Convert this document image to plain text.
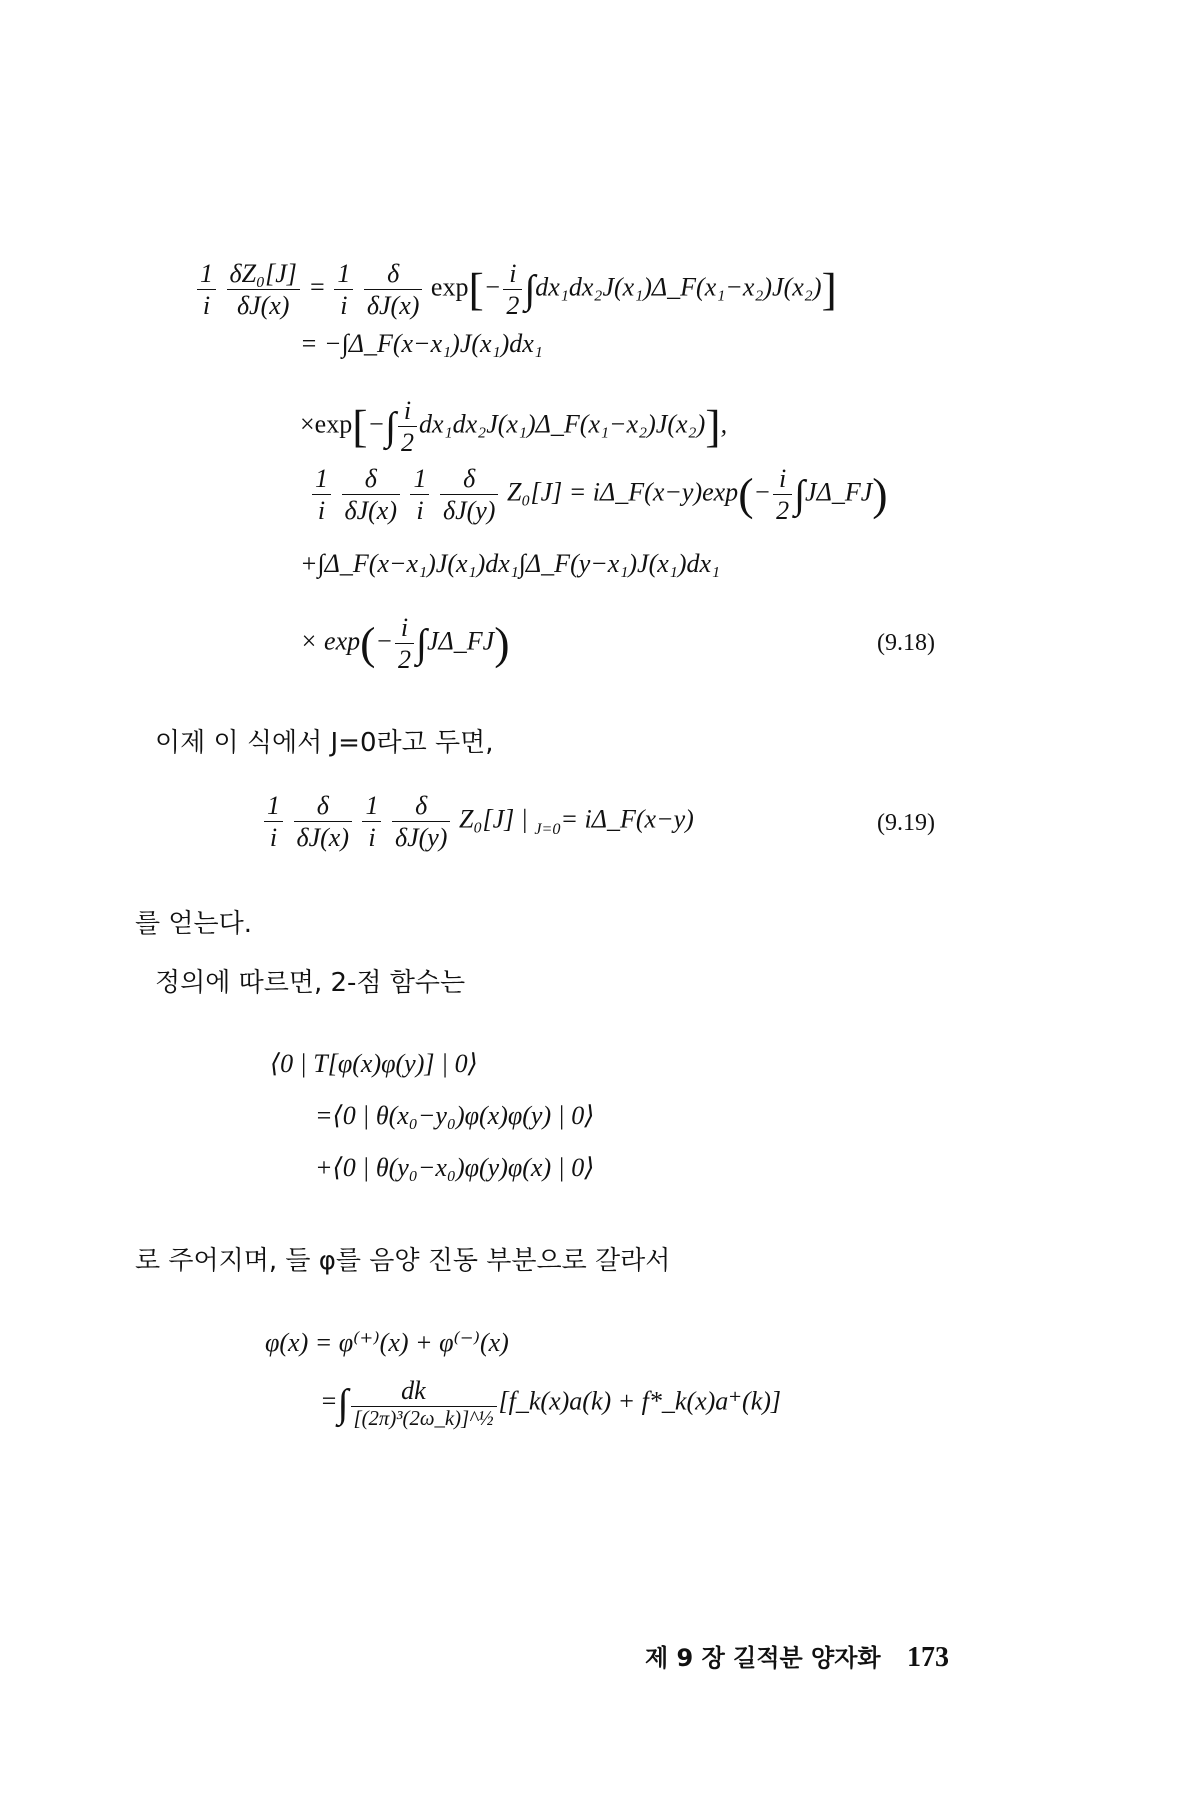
$\frac{1}{i}$
$\frac{\text{δZ₀[J]}}{\delta J(x)} = \frac{1}{i}$
$\frac{\delta}{\delta J(x)} \exp[- \frac{i}{2}$ ∫dx₁dx₂J(x₁)Δ_F(x₁−x₂)J(x₂)]
= −∫Δ_F(x−x₁)J(x₁)dx₁
$\times\exp[-\int \frac{i}{2}$ dx₁dx₂J(x₁)Δ_F(x₁−x₂)J(x₂)],
$\frac{1}{i}$
$\frac{\delta}{\delta J(x)}$
$\frac{1}{i}$
$\frac{\delta}{\delta J(y)} Z_0[J]$ = iΔ_F(x−y)exp(− $\frac{i}{2}$ ∫JΔ_FJ)
+∫Δ_F(x−x₁)J(x₁)dx₁∫Δ_F(y−x₁)J(x₁)dx₁
× $\exp(- \frac{i}{2}$ ∫JΔ_FJ)	(9.18)
이제 이 식에서 J=0라고 두면,
$\frac{1}{i}$
$\frac{\delta}{\delta J(x)}$
$\frac{1}{i}$
$\frac{\delta}{\delta J(y)} Z_0[J]$ | $_{J=0}$= iΔ_F(x−y)	(9.19)
를 얻는다.
정의에 따르면, 2-점 함수는
⟨0 | T[φ(x)φ(y)] | 0⟩
=⟨0 | θ(x₀−y₀)φ(x)φ(y) | 0⟩
+⟨0 | θ(y₀−x₀)φ(y)φ(x) | 0⟩
로 주어지며, 들 φ를 음양 진동 부분으로 갈라서
φ(x) = φ⁽⁺⁾(x) + φ⁽⁻⁾(x)
=∫ $\frac{dk⃗}{\text{[(2π)³(2ω\_k)]\textasciicircum{}½}}$ [f_k(x)a(k) + f*_k(x)a⁺(k)]
제 9 장 길적분 양자화 173
